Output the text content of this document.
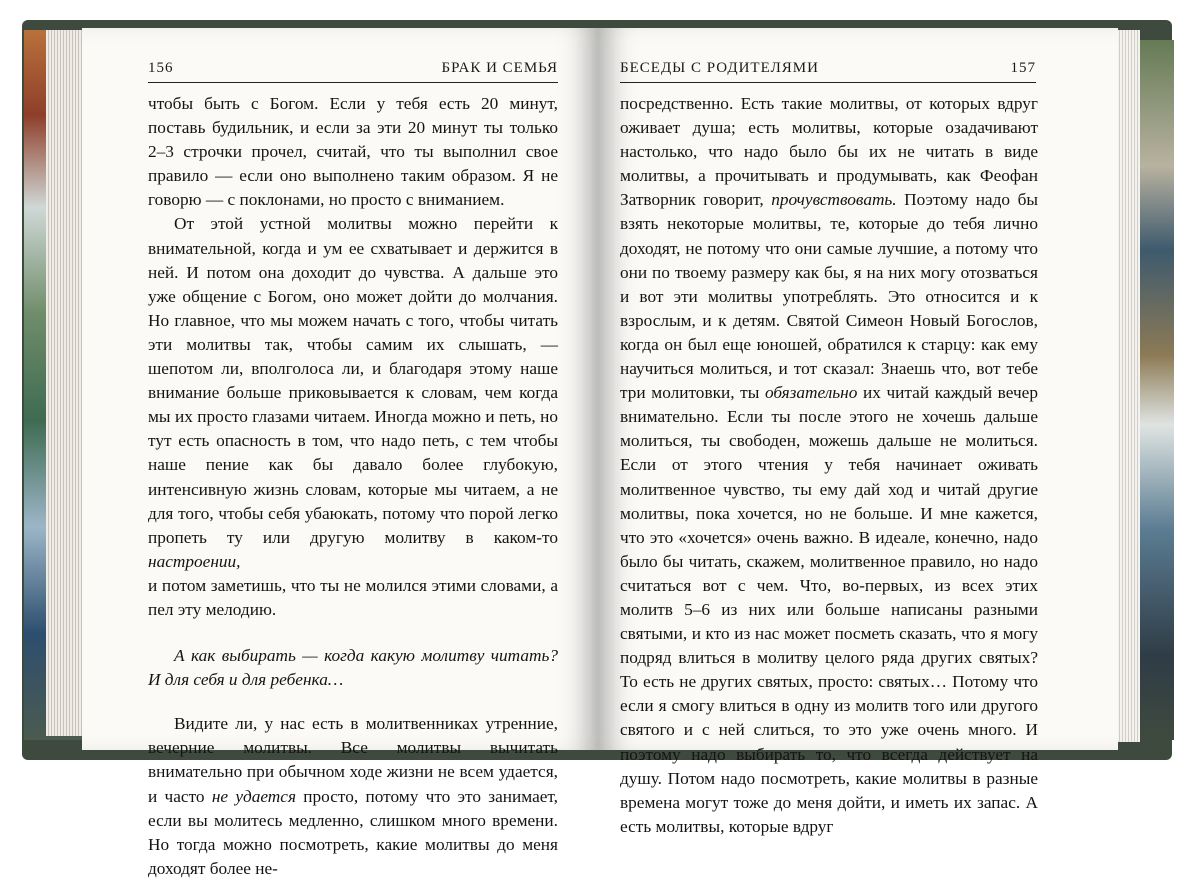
156	БРАК И СЕМЬЯ

чтобы быть с Богом. Если у тебя есть 20 минут, поставь будильник, и если за эти 20 минут ты только 2–3 строчки прочел, считай, что ты выполнил свое правило — если оно выполнено таким образом. Я не говорю — с поклонами, но просто с вниманием.

От этой устной молитвы можно перейти к внимательной, когда и ум ее схватывает и держится в ней. И потом она доходит до чувства. А дальше это уже общение с Богом, оно может дойти до молчания. Но главное, что мы можем начать с того, чтобы читать эти молитвы так, чтобы самим их слышать, — шепотом ли, вполголоса ли, и благодаря этому наше внимание больше приковывается к словам, чем когда мы их просто глазами читаем. Иногда можно и петь, но тут есть опасность в том, что надо петь, с тем чтобы наше пение как бы давало более глубокую, интенсивную жизнь словам, которые мы читаем, а не для того, чтобы себя убаюкать, потому что порой легко пропеть ту или другую молитву в каком-то настроении,

и потом заметишь, что ты не молился этими словами, а пел эту мелодию.

А как выбирать — когда какую молитву читать? И для себя и для ребенка…

Видите ли, у нас есть в молитвенниках утренние, вечерние молитвы. Все молитвы вычитать внимательно при обычном ходе жизни не всем удается, и часто не удается просто, потому что это занимает, если вы молитесь медленно, слишком много времени. Но тогда можно посмотреть, какие молитвы до меня доходят более не-

БЕСЕДЫ С РОДИТЕЛЯМИ	157

посредственно. Есть такие молитвы, от которых вдруг оживает душа; есть молитвы, которые озадачивают настолько, что надо было бы их не читать в виде молитвы, а прочитывать и продумывать, как Феофан Затворник говорит, прочувствовать. Поэтому надо бы взять некоторые молитвы, те, которые до тебя лично доходят, не потому что они самые лучшие, а потому что они по твоему размеру как бы, я на них могу отозваться и вот эти молитвы употреблять. Это относится и к взрослым, и к детям. Святой Симеон Новый Богослов, когда он был еще юношей, обратился к старцу: как ему научиться молиться, и тот сказал: Знаешь что, вот тебе три молитовки, ты обязательно их читай каждый вечер внимательно. Если ты после этого не хочешь дальше молиться, ты свободен, можешь дальше не молиться. Если от этого чтения у тебя начинает оживать молитвенное чувство, ты ему дай ход и читай другие молитвы, пока хочется, но не больше. И мне кажется, что это «хочется» очень важно. В идеале, конечно, надо было бы читать, скажем, молитвенное правило, но надо считаться вот с чем. Что, во-первых, из всех этих молитв 5–6 из них или больше написаны разными святыми, и кто из нас может посметь сказать, что я могу подряд влиться в молитву целого ряда других святых? То есть не других святых, просто: святых… Потому что если я смогу влиться в одну из молитв того или другого святого и с ней слиться, то это уже очень много. И поэтому надо выбирать то, что всегда действует на душу. Потом надо посмотреть, какие молитвы в разные времена могут тоже до меня дойти, и иметь их запас. А есть молитвы, которые вдруг
